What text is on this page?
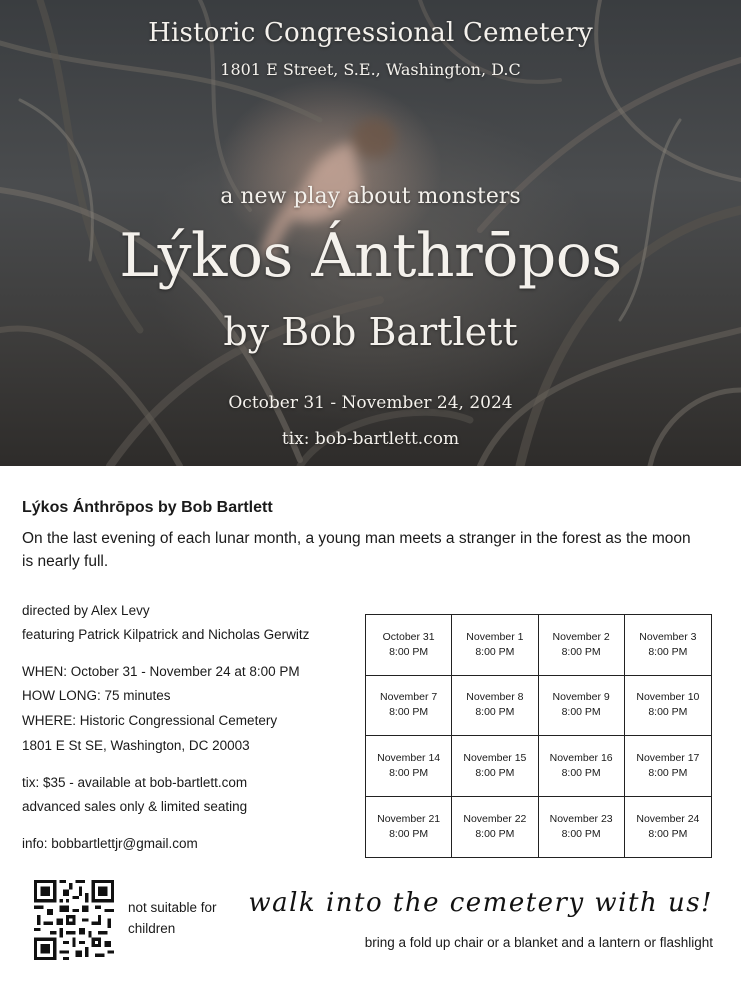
Historic Congressional Cemetery
1801 E Street, S.E., Washington, D.C
a new play about monsters
Lýkos Ánthrōpos
by Bob Bartlett
October 31 - November 24, 2024
tix: bob-bartlett.com
Lýkos Ánthrōpos by Bob Bartlett
On the last evening of each lunar month, a young man meets a stranger in the forest as the moon is nearly full.
directed by Alex Levy
featuring Patrick Kilpatrick and Nicholas Gerwitz
WHEN: October 31 - November 24 at 8:00 PM
HOW LONG: 75 minutes
WHERE: Historic Congressional Cemetery
1801 E St SE, Washington, DC 20003
tix: $35 - available at bob-bartlett.com
advanced sales only & limited seating
info: bobbartlettjr@gmail.com
October 31
8:00 PM
November 1
8:00 PM
November 2
8:00 PM
November 3
8:00 PM
November 7
8:00 PM
November 8
8:00 PM
November 9
8:00 PM
November 10
8:00 PM
November 14
8:00 PM
November 15
8:00 PM
November 16
8:00 PM
November 17
8:00 PM
November 21
8:00 PM
November 22
8:00 PM
November 23
8:00 PM
November 24
8:00 PM
not suitable for children
walk into the cemetery with us!
bring a fold up chair or a blanket and a lantern or flashlight
